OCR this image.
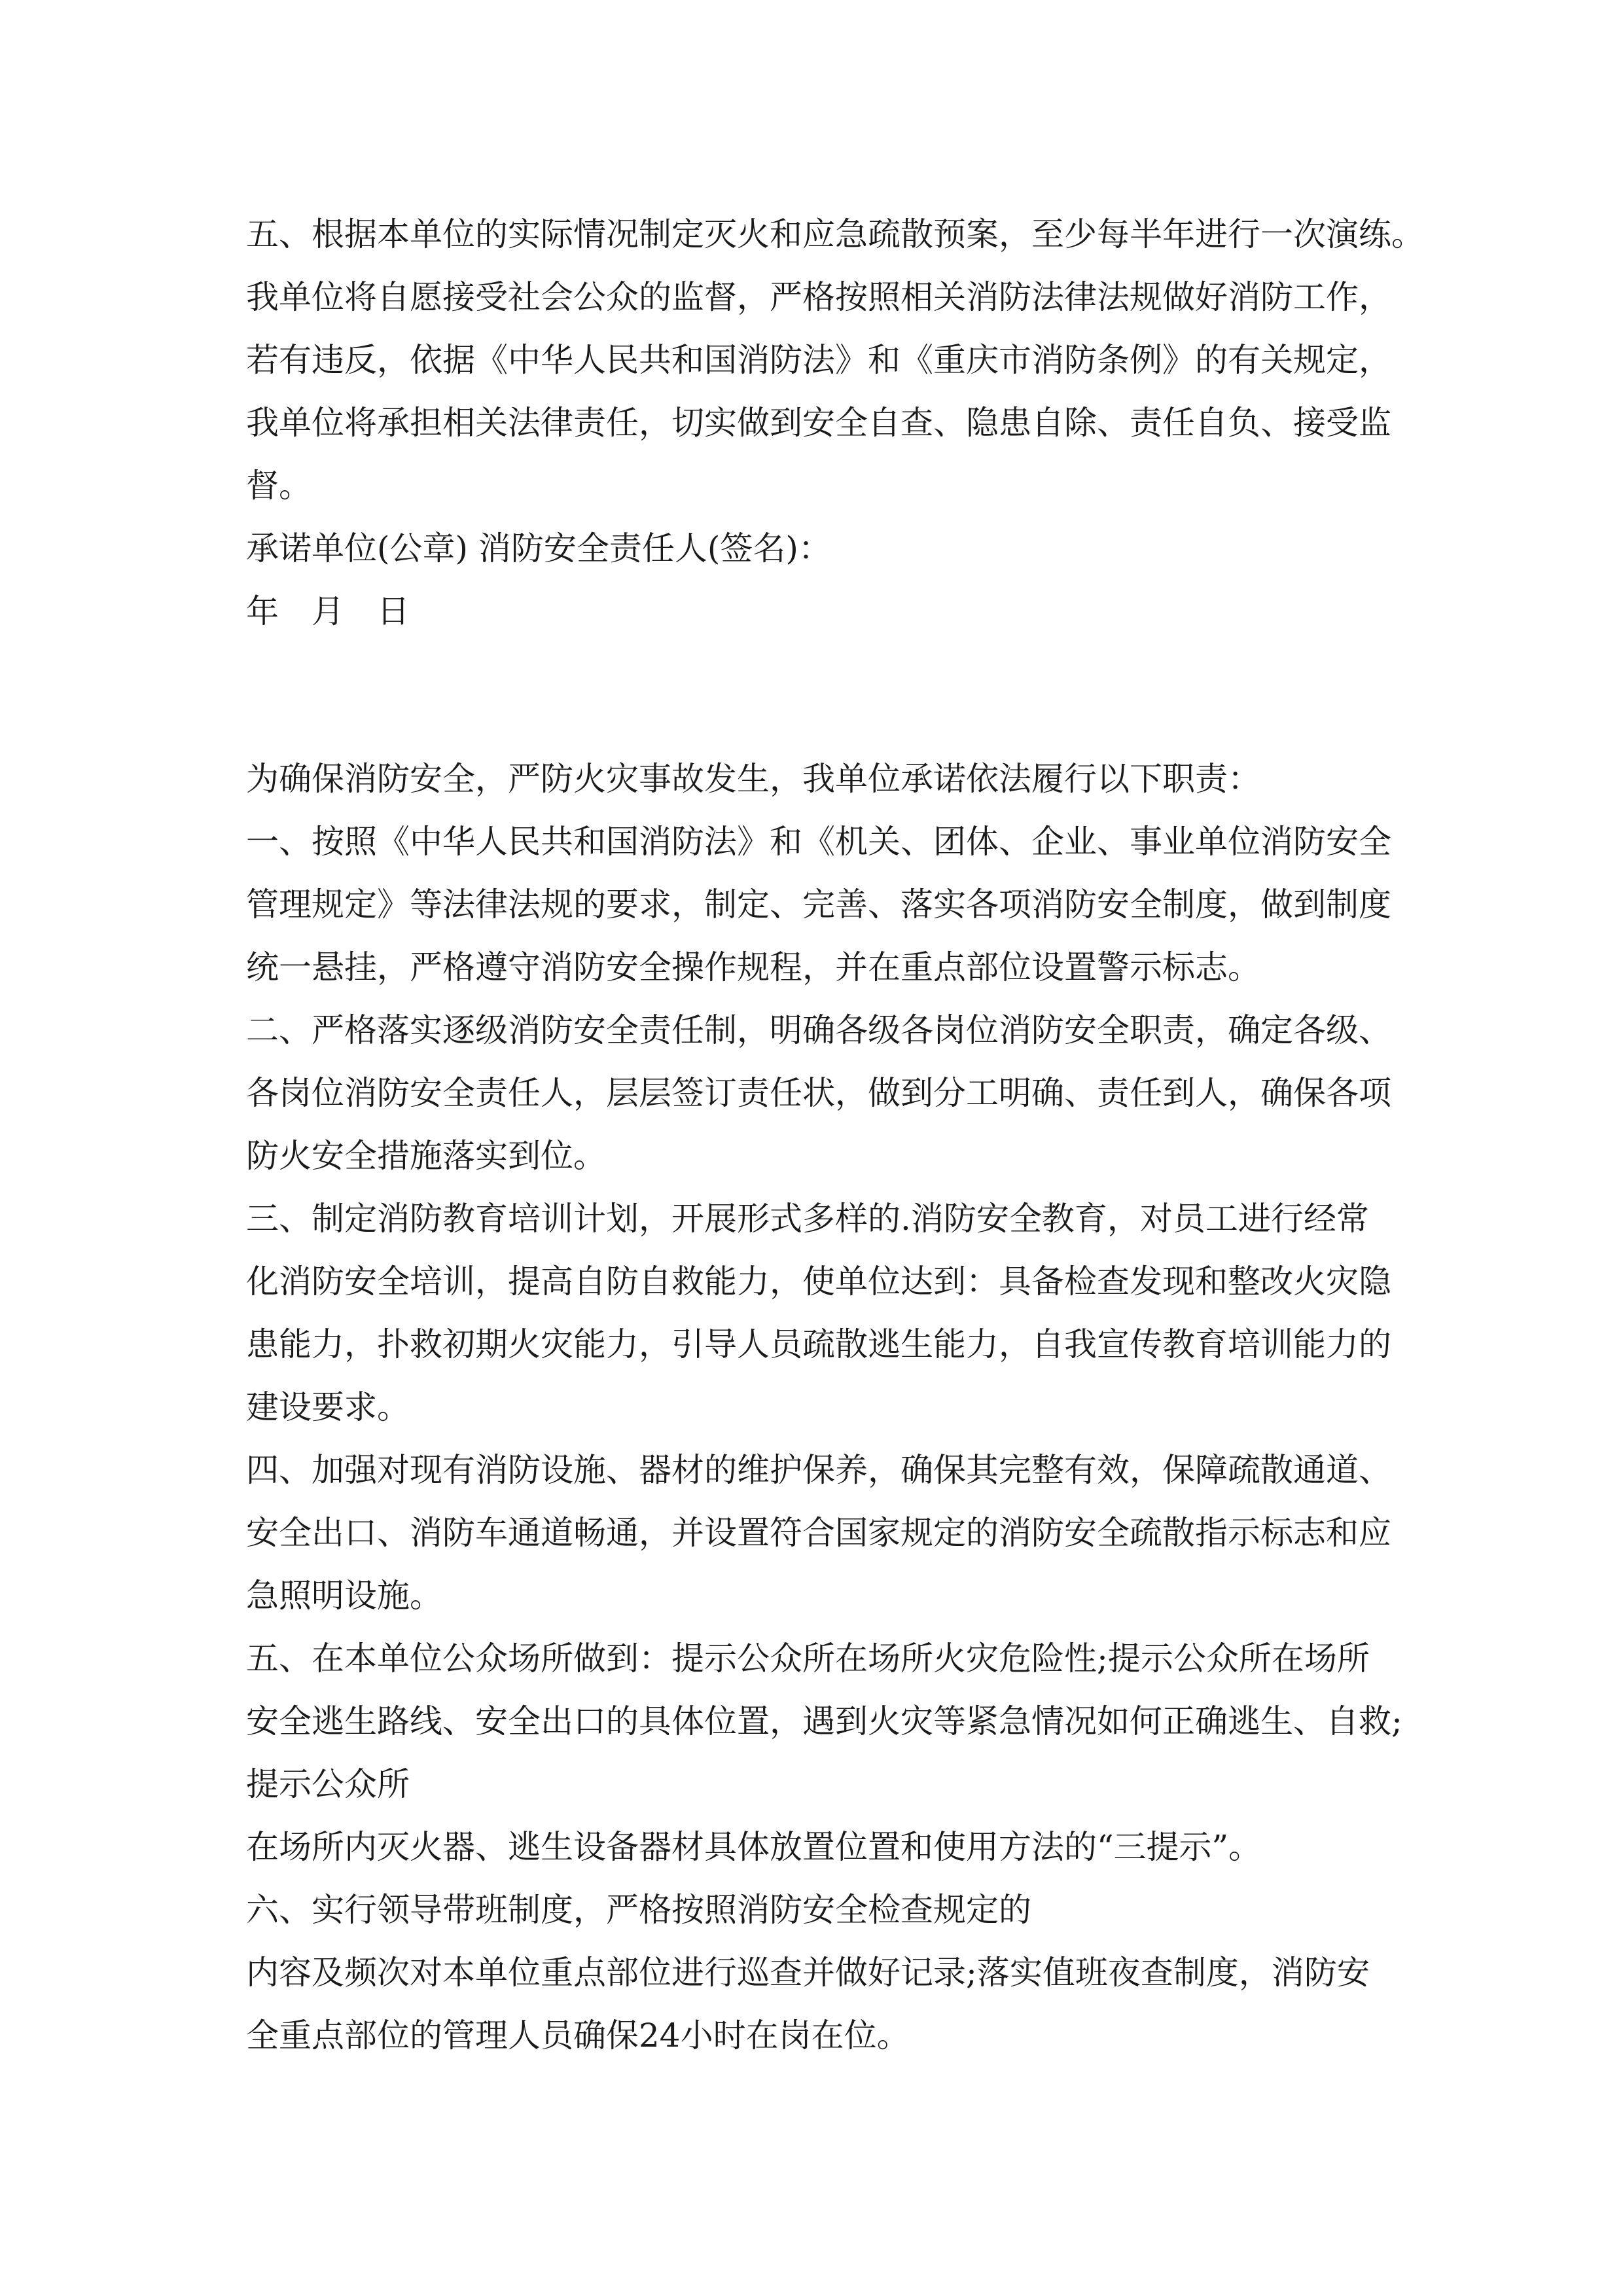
五、根据本单位的实际情况制定灭火和应急疏散预案，至少每半年进行一次演练。

我单位将自愿接受社会公众的监督，严格按照相关消防法律法规做好消防工作，

若有违反，依据《中华人民共和国消防法》和《重庆市消防条例》的有关规定，

我单位将承担相关法律责任，切实做到安全自查、隐患自除、责任自负、接受监

督。

承诺单位(公章) 消防安全责任人(签名)：

年 月 日

为确保消防安全，严防火灾事故发生，我单位承诺依法履行以下职责：

一、按照《中华人民共和国消防法》和《机关、团体、企业、事业单位消防安全

管理规定》等法律法规的要求，制定、完善、落实各项消防安全制度，做到制度

统一悬挂，严格遵守消防安全操作规程，并在重点部位设置警示标志。

二、严格落实逐级消防安全责任制，明确各级各岗位消防安全职责，确定各级、

各岗位消防安全责任人，层层签订责任状，做到分工明确、责任到人，确保各项

防火安全措施落实到位。

三、制定消防教育培训计划，开展形式多样的.消防安全教育，对员工进行经常

化消防安全培训，提高自防自救能力，使单位达到：具备检查发现和整改火灾隐

患能力，扑救初期火灾能力，引导人员疏散逃生能力，自我宣传教育培训能力的

建设要求。

四、加强对现有消防设施、器材的维护保养，确保其完整有效，保障疏散通道、

安全出口、消防车通道畅通，并设置符合国家规定的消防安全疏散指示标志和应

急照明设施。

五、在本单位公众场所做到：提示公众所在场所火灾危险性;提示公众所在场所

安全逃生路线、安全出口的具体位置，遇到火灾等紧急情况如何正确逃生、自救;

提示公众所

在场所内灭火器、逃生设备器材具体放置位置和使用方法的“三提示”。

六、实行领导带班制度，严格按照消防安全检查规定的

内容及频次对本单位重点部位进行巡查并做好记录;落实值班夜查制度，消防安

全重点部位的管理人员确保24小时在岗在位。
